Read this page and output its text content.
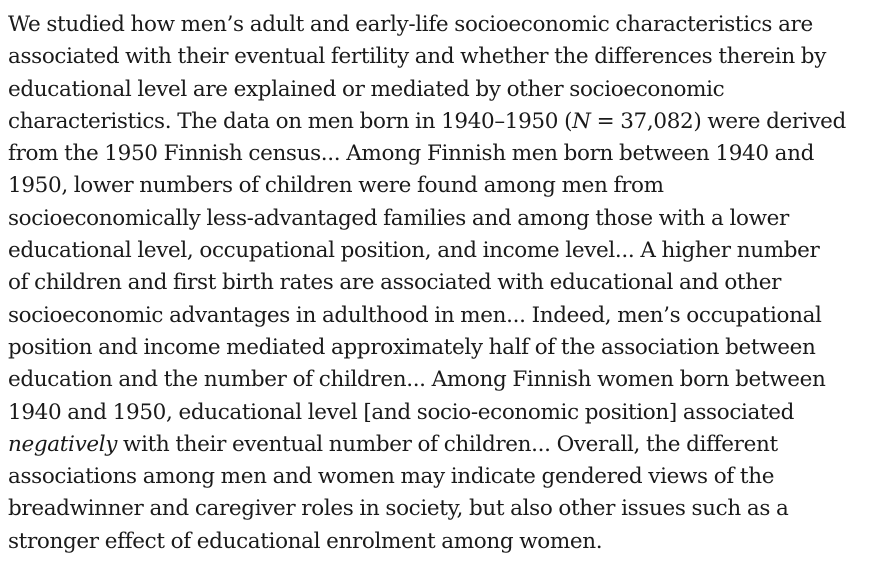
We studied how men’s adult and early-life socioeconomic characteristics are
associated with their eventual fertility and whether the differences therein by
educational level are explained or mediated by other socioeconomic
characteristics. The data on men born in 1940–1950 (N = 37,082) were derived
from the 1950 Finnish census... Among Finnish men born between 1940 and
1950, lower numbers of children were found among men from
socioeconomically less-advantaged families and among those with a lower
educational level, occupational position, and income level... A higher number
of children and first birth rates are associated with educational and other
socioeconomic advantages in adulthood in men... Indeed, men’s occupational
position and income mediated approximately half of the association between
education and the number of children... Among Finnish women born between
1940 and 1950, educational level [and socio-economic position] associated
negatively with their eventual number of children... Overall, the different
associations among men and women may indicate gendered views of the
breadwinner and caregiver roles in society, but also other issues such as a
stronger effect of educational enrolment among women.
